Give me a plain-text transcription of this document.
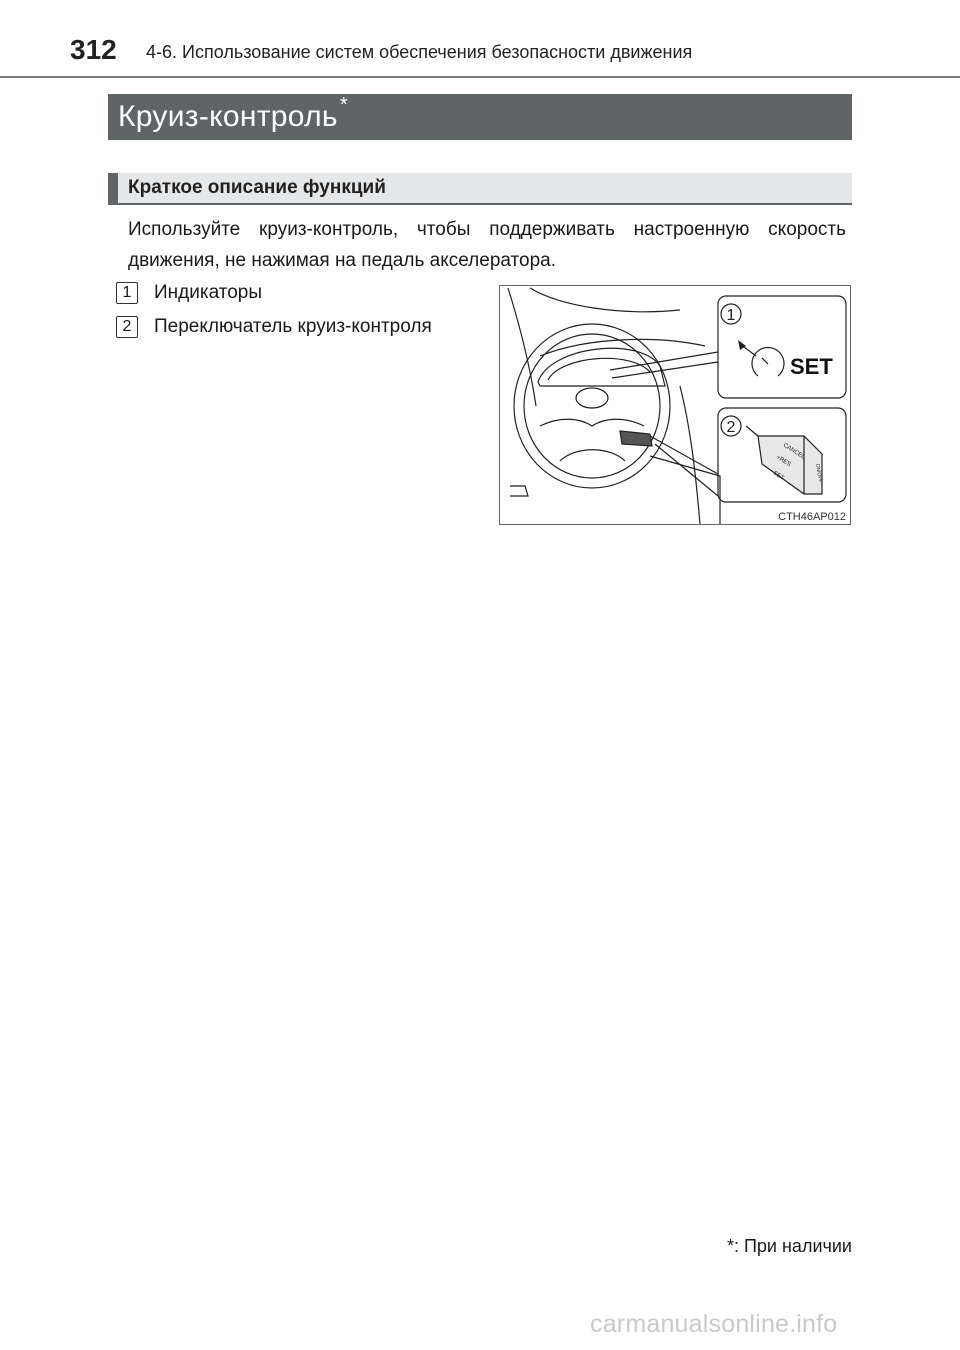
312 4-6. Использование систем обеспечения безопасности движения
Круиз-контроль *
Краткое описание функций
Используйте круиз-контроль, чтобы поддерживать настроенную скорость движения, не нажимая на педаль акселератора.
1	Индикаторы
2	Переключатель круиз-контроля
1
2
SET
CANCEL
+RES
–SET	ON/OFF
CTH46AP012
*: При наличии
carmanualsonline.info
